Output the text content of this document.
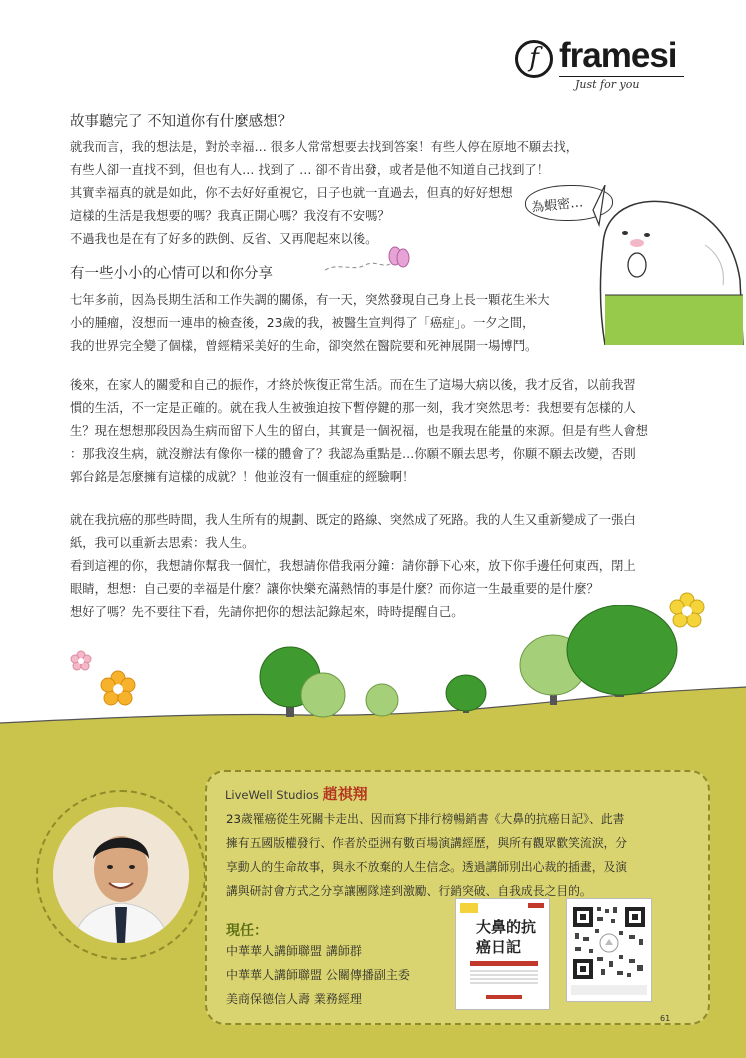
f framesi
Just for you
故事聽完了 不知道你有什麼感想？
就我而言，我的想法是，對於幸福… 很多人常常想要去找到答案！有些人停在原地不願去找，
有些人卻一直找不到，但也有人… 找到了 … 卻不肯出發，或者是他不知道自己找到了！
其實幸福真的就是如此，你不去好好重視它，日子也就一直過去，但真的好好想想
這樣的生活是我想要的嗎？我真正開心嗎？我沒有不安嗎？
不過我也是在有了好多的跌倒、反省、又再爬起來以後。
為蝦密…
有一些小小的心情可以和你分享
七年多前，因為長期生活和工作失調的關係，有一天，突然發現自己身上長一顆花生米大
小的腫瘤，沒想而一連串的檢查後，23歲的我，被醫生宣判得了「癌症」。一夕之間，
我的世界完全變了個樣，曾經精采美好的生命，卻突然在醫院要和死神展開一場博鬥。
後來，在家人的關愛和自己的振作，才終於恢復正常生活。而在生了這場大病以後，我才反省，以前我習
慣的生活，不一定是正確的。就在我人生被強迫按下暫停鍵的那一刻，我才突然思考：我想要有怎樣的人
生？現在想想那段因為生病而留下人生的留白，其實是一個祝福，也是我現在能量的來源。但是有些人會想
：那我沒生病，就沒辦法有像你一樣的體會了？我認為重點是…你願不願去思考，你願不願去改變，否則
郭台銘是怎麼擁有這樣的成就？！他並沒有一個重症的經驗啊！
就在我抗癌的那些時間，我人生所有的規劃、既定的路線、突然成了死路。我的人生又重新變成了一張白
紙，我可以重新去思索：我人生。
看到這裡的你，我想請你幫我一個忙，我想請你借我兩分鐘：請你靜下心來，放下你手邊任何東西，閉上
眼睛，想想：自己要的幸福是什麼？讓你快樂充滿熱情的事是什麼？而你這一生最重要的是什麼？
想好了嗎？先不要往下看，先請你把你的想法記錄起來，時時提醒自己。
LiveWell Studios 趙祺翔
23歲罹癌從生死關卡走出、因而寫下排行榜暢銷書《大鼻的抗癌日記》、此書
擁有五國版權發行、作者於亞洲有數百場演講經歷，與所有觀眾歡笑流淚，分
享動人的生命故事，與永不放棄的人生信念。透過講師別出心裁的插畫，及演
講與研討會方式之分享讓團隊達到激勵、行銷突破、自我成長之目的。
現任：
中華華人講師聯盟 講師群
中華華人講師聯盟 公關傳播副主委
美商保德信人壽 業務經理
大鼻的抗癌日記
61
